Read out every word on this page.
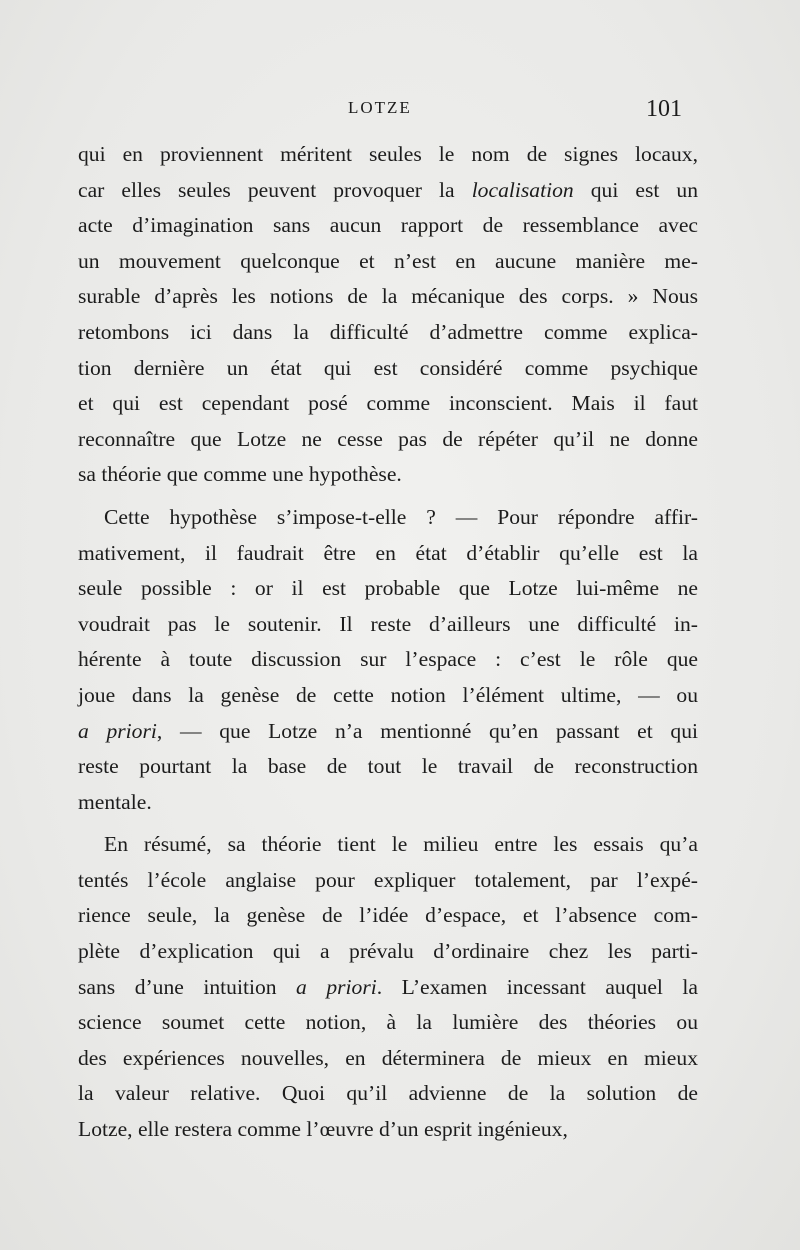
LOTZE	101
qui en proviennent méritent seules le nom de signes locaux,
car elles seules peuvent provoquer la localisation qui est un
acte d’imagination sans aucun rapport de ressemblance avec
un mouvement quelconque et n’est en aucune manière me-
surable d’après les notions de la mécanique des corps. » Nous
retombons ici dans la difficulté d’admettre comme explica-
tion dernière un état qui est considéré comme psychique
et qui est cependant posé comme inconscient. Mais il faut
reconnaître que Lotze ne cesse pas de répéter qu’il ne donne
sa théorie que comme une hypothèse.
Cette hypothèse s’impose-t-elle ? — Pour répondre affir-
mativement, il faudrait être en état d’établir qu’elle est la
seule possible : or il est probable que Lotze lui-même ne
voudrait pas le soutenir. Il reste d’ailleurs une difficulté in-
hérente à toute discussion sur l’espace : c’est le rôle que
joue dans la genèse de cette notion l’élément ultime, — ou
a priori, — que Lotze n’a mentionné qu’en passant et qui
reste pourtant la base de tout le travail de reconstruction
mentale.
En résumé, sa théorie tient le milieu entre les essais qu’a
tentés l’école anglaise pour expliquer totalement, par l’expé-
rience seule, la genèse de l’idée d’espace, et l’absence com-
plète d’explication qui a prévalu d’ordinaire chez les parti-
sans d’une intuition a priori. L’examen incessant auquel la
science soumet cette notion, à la lumière des théories ou
des expériences nouvelles, en déterminera de mieux en mieux
la valeur relative. Quoi qu’il advienne de la solution de
Lotze, elle restera comme l’œuvre d’un esprit ingénieux,
